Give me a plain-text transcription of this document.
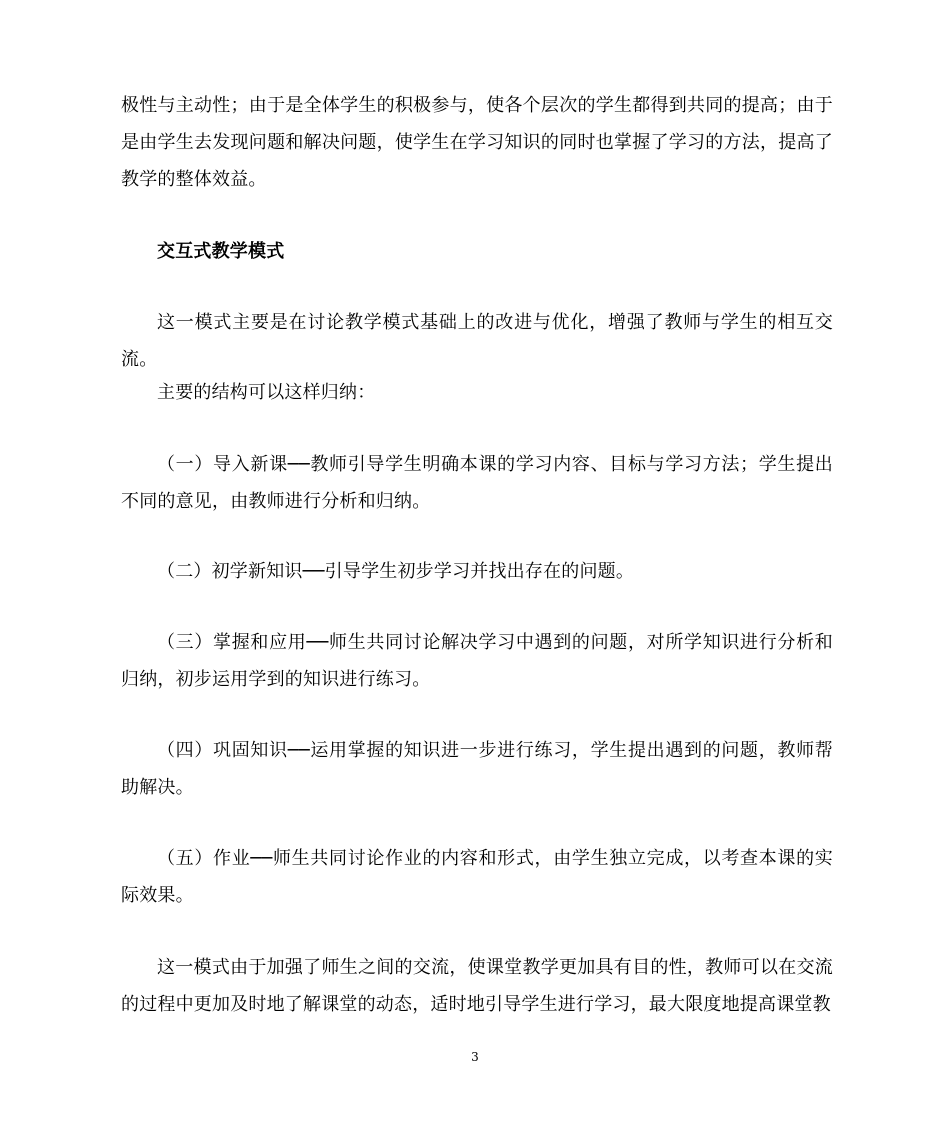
极性与主动性；由于是全体学生的积极参与，使各个层次的学生都得到共同的提高；由于是由学生去发现问题和解决问题，使学生在学习知识的同时也掌握了学习的方法，提高了教学的整体效益。

交互式教学模式

这一模式主要是在讨论教学模式基础上的改进与优化，增强了教师与学生的相互交流。

主要的结构可以这样归纳：

（一）导入新课──教师引导学生明确本课的学习内容、目标与学习方法；学生提出不同的意见，由教师进行分析和归纳。

（二）初学新知识──引导学生初步学习并找出存在的问题。

（三）掌握和应用──师生共同讨论解决学习中遇到的问题，对所学知识进行分析和归纳，初步运用学到的知识进行练习。

（四）巩固知识──运用掌握的知识进一步进行练习，学生提出遇到的问题，教师帮助解决。

（五）作业──师生共同讨论作业的内容和形式，由学生独立完成，以考查本课的实际效果。

这一模式由于加强了师生之间的交流，使课堂教学更加具有目的性，教师可以在交流的过程中更加及时地了解课堂的动态，适时地引导学生进行学习，最大限度地提高课堂教

3
